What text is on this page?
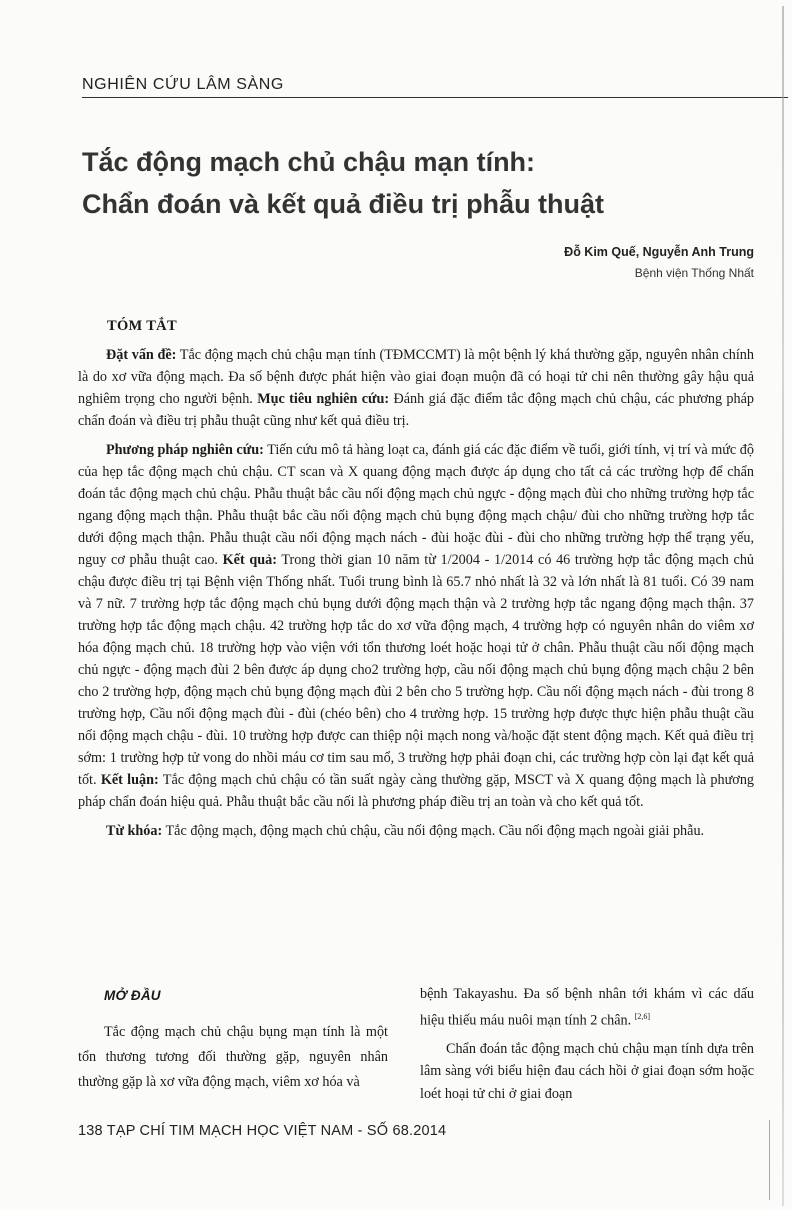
NGHIÊN CỨU LÂM SÀNG
Tắc động mạch chủ chậu mạn tính:
Chẩn đoán và kết quả điều trị phẫu thuật
Đỗ Kim Quế, Nguyễn Anh Trung
Bệnh viện Thống Nhất
TÓM TẮT

Đặt vấn đề: Tắc động mạch chủ chậu mạn tính (TĐMCCMT) là một bệnh lý khá thường gặp, nguyên nhân chính là do xơ vữa động mạch. Đa số bệnh được phát hiện vào giai đoạn muộn đã có hoại tử chi nên thường gây hậu quả nghiêm trọng cho người bệnh. Mục tiêu nghiên cứu: Đánh giá đặc điểm tắc động mạch chủ chậu, các phương pháp chẩn đoán và điều trị phẫu thuật cũng như kết quả điều trị.

Phương pháp nghiên cứu: Tiến cứu mô tả hàng loạt ca, đánh giá các đặc điểm về tuổi, giới tính, vị trí và mức độ của hẹp tắc động mạch chủ chậu. CT scan và X quang động mạch được áp dụng cho tất cả các trường hợp để chẩn đoán tắc động mạch chủ chậu. Phẫu thuật bắc cầu nối động mạch chủ ngực - động mạch đùi cho những trường hợp tắc ngang động mạch thận. Phẫu thuật bắc cầu nối động mạch chủ bụng động mạch chậu/ đùi cho những trường hợp tắc dưới động mạch thận. Phẫu thuật cầu nối động mạch nách - đùi hoặc đùi - đùi cho những trường hợp thể trạng yếu, nguy cơ phẫu thuật cao. Kết quả: Trong thời gian 10 năm từ 1/2004 - 1/2014 có 46 trường hợp tắc động mạch chủ chậu được điều trị tại Bệnh viện Thống nhất. Tuổi trung bình là 65.7 nhỏ nhất là 32 và lớn nhất là 81 tuổi. Có 39 nam và 7 nữ. 7 trường hợp tắc động mạch chủ bụng dưới động mạch thận và 2 trường hợp tắc ngang động mạch thận. 37 trường hợp tắc động mạch chậu. 42 trường hợp tắc do xơ vữa động mạch, 4 trường hợp có nguyên nhân do viêm xơ hóa động mạch chủ. 18 trường hợp vào viện với tổn thương loét hoặc hoại tử ở chân. Phẫu thuật cầu nối động mạch chủ ngực - động mạch đùi 2 bên được áp dụng cho2 trường hợp, cầu nối động mạch chủ bụng động mạch chậu 2 bên cho 2 trường hợp, động mạch chủ bụng động mạch đùi 2 bên cho 5 trường hợp. Cầu nối động mạch nách - đùi trong 8 trường hợp, Cầu nối động mạch đùi - đùi (chéo bên) cho 4 trường hợp. 15 trường hợp được thực hiện phẫu thuật cầu nối động mạch chậu - đùi. 10 trường hợp được can thiệp nội mạch nong và/hoặc đặt stent động mạch. Kết quả điều trị sớm: 1 trường hợp tử vong do nhồi máu cơ tim sau mổ, 3 trường hợp phải đoạn chi, các trường hợp còn lại đạt kết quả tốt. Kết luận: Tắc động mạch chủ chậu có tần suất ngày càng thường gặp, MSCT và X quang động mạch là phương pháp chẩn đoán hiệu quả. Phẫu thuật bắc cầu nối là phương pháp điều trị an toàn và cho kết quả tốt.

Từ khóa: Tắc động mạch, động mạch chủ chậu, cầu nối động mạch. Cầu nối động mạch ngoài giải phẫu.

MỞ ĐẦU

Tắc động mạch chủ chậu bụng mạn tính là một tổn thương tương đối thường gặp, nguyên nhân thường gặp là xơ vữa động mạch, viêm xơ hóa và

bệnh Takayashu. Đa số bệnh nhân tới khám vì các dấu hiệu thiếu máu nuôi mạn tính 2 chân. [2,6]

Chẩn đoán tắc động mạch chủ chậu mạn tính dựa trên lâm sàng với biểu hiện đau cách hồi ở giai đoạn sớm hoặc loét hoại tử chi ở giai đoạn

138 TẠP CHÍ TIM MẠCH HỌC VIỆT NAM - SỐ 68.2014
